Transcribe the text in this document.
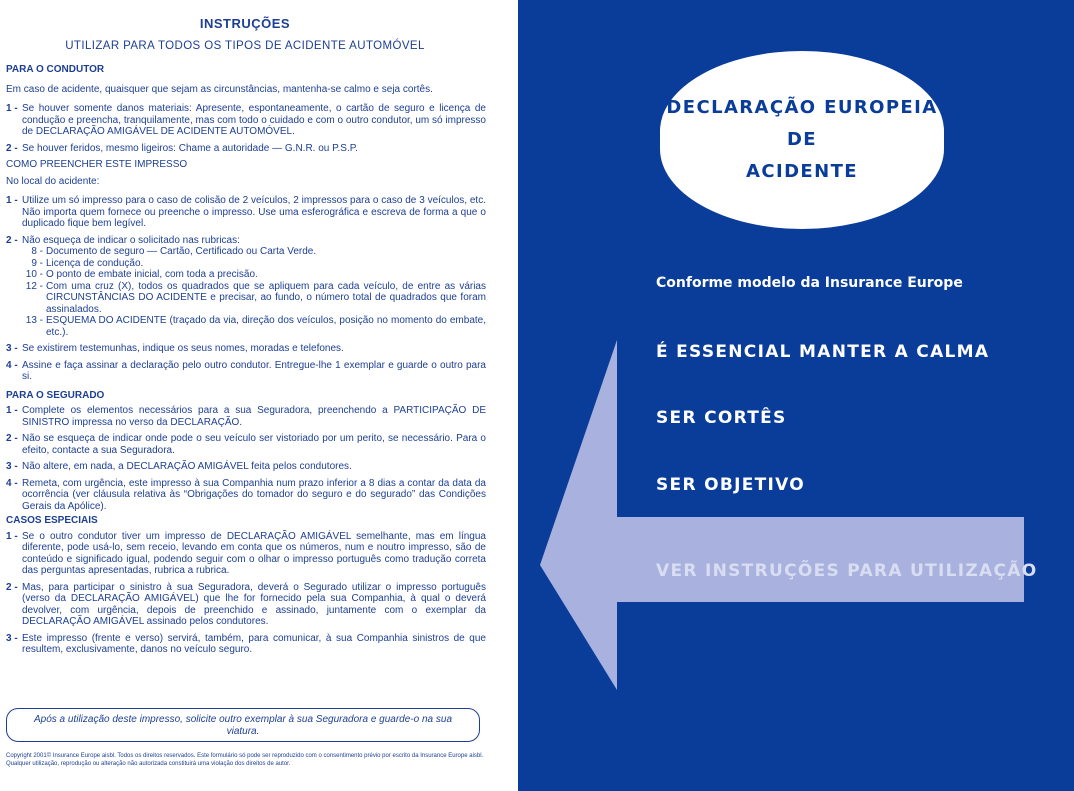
INSTRUÇÕES
UTILIZAR PARA TODOS OS TIPOS DE ACIDENTE AUTOMÓVEL
PARA O CONDUTOR
Em caso de acidente, quaisquer que sejam as circunstâncias, mantenha-se calmo e seja cortês.
1 - Se houver somente danos materiais: Apresente, espontaneamente, o cartão de seguro e licença de condução e preencha, tranquilamente, mas com todo o cuidado e com o outro condutor, um só impresso de DECLARAÇÃO AMIGÁVEL DE ACIDENTE AUTOMÓVEL.
2 - Se houver feridos, mesmo ligeiros: Chame a autoridade — G.N.R. ou P.S.P.
COMO PREENCHER ESTE IMPRESSO
No local do acidente:
1 - Utilize um só impresso para o caso de colisão de 2 veículos, 2 impressos para o caso de 3 veículos, etc. Não importa quem fornece ou preenche o impresso. Use uma esferográfica e escreva de forma a que o duplicado fique bem legível.
2 - Não esqueça de indicar o solicitado nas rubricas:
8 - Documento de seguro — Cartão, Certificado ou Carta Verde.
9 - Licença de condução.
10 - O ponto de embate inicial, com toda a precisão.
12 - Com uma cruz (X), todos os quadrados que se apliquem para cada veículo, de entre as várias CIRCUNSTÂNCIAS DO ACIDENTE e precisar, ao fundo, o número total de quadrados que foram assinalados.
13 - ESQUEMA DO ACIDENTE (traçado da via, direção dos veículos, posição no momento do embate, etc.).
3 - Se existirem testemunhas, indique os seus nomes, moradas e telefones.
4 - Assine e faça assinar a declaração pelo outro condutor. Entregue-lhe 1 exemplar e guarde o outro para si.
PARA O SEGURADO
1 - Complete os elementos necessários para a sua Seguradora, preenchendo a PARTICIPAÇÃO DE SINISTRO impressa no verso da DECLARAÇÃO.
2 - Não se esqueça de indicar onde pode o seu veículo ser vistoriado por um perito, se necessário. Para o efeito, contacte a sua Seguradora.
3 - Não altere, em nada, a DECLARAÇÃO AMIGÁVEL feita pelos condutores.
4 - Remeta, com urgência, este impresso à sua Companhia num prazo inferior a 8 dias a contar da data da ocorrência (ver cláusula relativa às “Obrigações do tomador do seguro e do segurado” das Condições Gerais da Apólice).
CASOS ESPECIAIS
1 - Se o outro condutor tiver um impresso de DECLARAÇÃO AMIGÁVEL semelhante, mas em língua diferente, pode usá-lo, sem receio, levando em conta que os números, num e noutro impresso, são de conteúdo e significado igual, podendo seguir com o olhar o impresso português como tradução correta das perguntas apresentadas, rubrica a rubrica.
2 - Mas, para participar o sinistro à sua Seguradora, deverá o Segurado utilizar o impresso português (verso da DECLARAÇÃO AMIGÁVEL) que lhe for fornecido pela sua Companhia, à qual o deverá devolver, com urgência, depois de preenchido e assinado, juntamente com o exemplar da DECLARAÇÃO AMIGÁVEL assinado pelos condutores.
3 - Este impresso (frente e verso) servirá, também, para comunicar, à sua Companhia sinistros de que resultem, exclusivamente, danos no veículo seguro.
Após a utilização deste impresso, solicite outro exemplar à sua Seguradora e guarde-o na sua viatura.
Copyright 2001© Insurance Europe aisbl. Todos os direitos reservados. Este formulário só pode ser reproduzido com o consentimento prévio por escrito da Insurance Europe aisbl. Qualquer utilização, reprodução ou alteração não autorizada constituirá uma violação dos direitos de autor.
DECLARAÇÃO EUROPEIA
DE
ACIDENTE
Conforme modelo da Insurance Europe
É ESSENCIAL MANTER A CALMA
SER CORTÊS
SER OBJETIVO
VER INSTRUÇÕES PARA UTILIZAÇÃO
